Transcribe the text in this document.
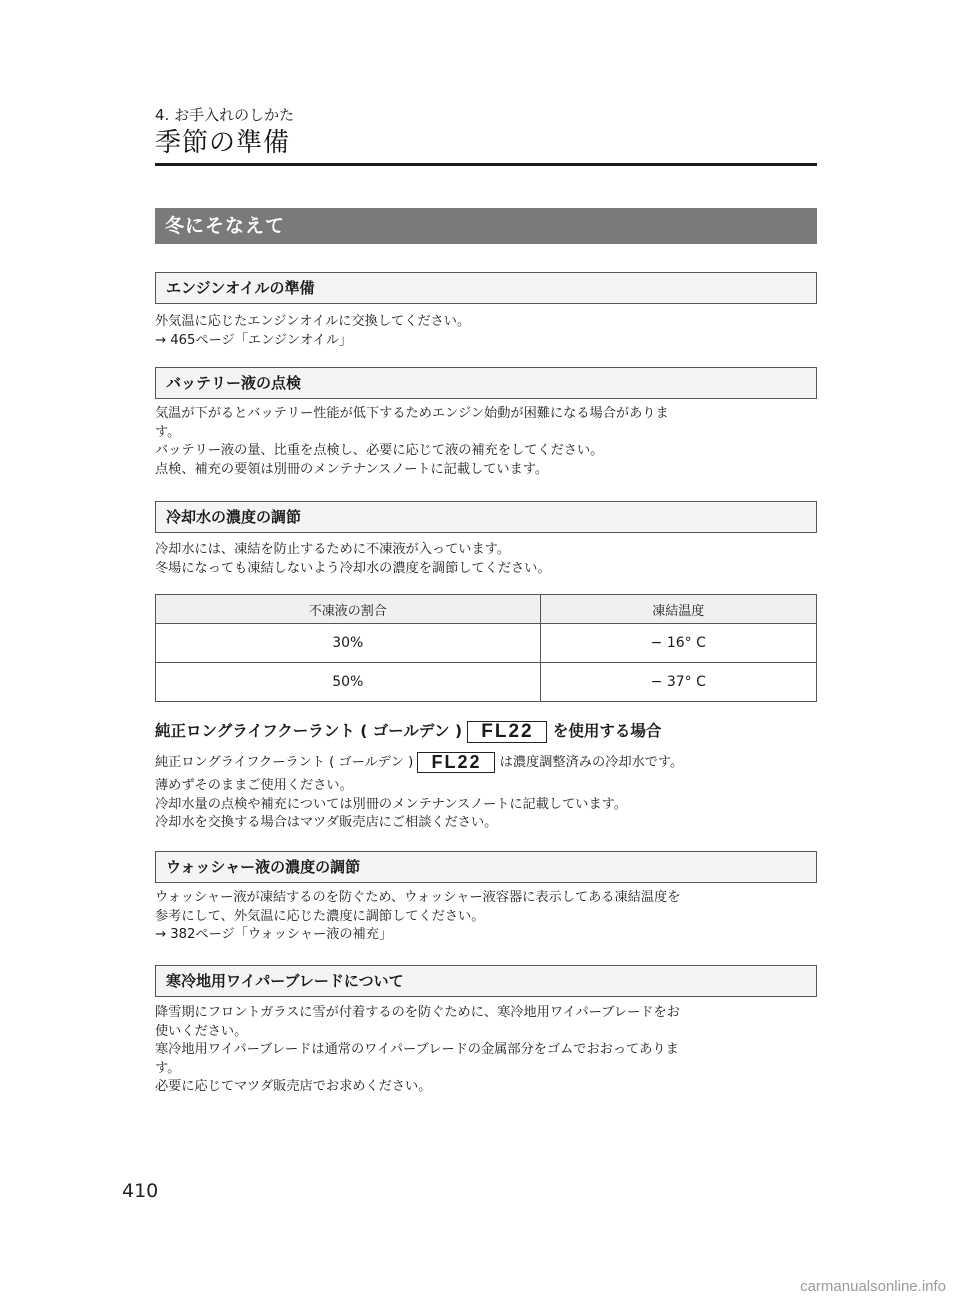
4. お手入れのしかた
季節の準備
冬にそなえて
エンジンオイルの準備
外気温に応じたエンジンオイルに交換してください。
→ 465ページ「エンジンオイル」
バッテリー液の点検
気温が下がるとバッテリー性能が低下するためエンジン始動が困難になる場合がありま
す。
バッテリー液の量、比重を点検し、必要に応じて液の補充をしてください。
点検、補充の要領は別冊のメンテナンスノートに記載しています。
冷却水の濃度の調節
冷却水には、凍結を防止するために不凍液が入っています。
冬場になっても凍結しないよう冷却水の濃度を調節してください。
不凍液の割合	凍結温度
30%	− 16° C
50%	− 37° C
純正ロングライフクーラント ( ゴールデン ) FL22 を使用する場合
純正ロングライフクーラント ( ゴールデン ) FL22 は濃度調整済みの冷却水です。
薄めずそのままご使用ください。
冷却水量の点検や補充については別冊のメンテナンスノートに記載しています。
冷却水を交換する場合はマツダ販売店にご相談ください。
ウォッシャー液の濃度の調節
ウォッシャー液が凍結するのを防ぐため、ウォッシャー液容器に表示してある凍結温度を
参考にして、外気温に応じた濃度に調節してください。
→ 382ページ「ウォッシャー液の補充」
寒冷地用ワイパーブレードについて
降雪期にフロントガラスに雪が付着するのを防ぐために、寒冷地用ワイパーブレードをお
使いください。
寒冷地用ワイパーブレードは通常のワイパーブレードの金属部分をゴムでおおってありま
す。
必要に応じてマツダ販売店でお求めください。
410
carmanualsonline.info
